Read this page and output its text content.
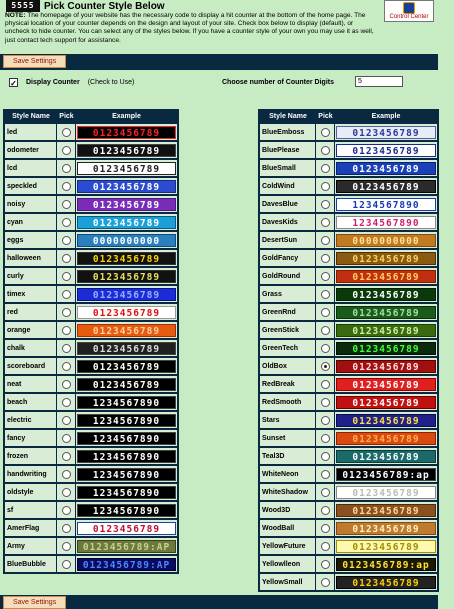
5555 Pick Counter Style Below
Control Center

NOTE: The homepage of your website has the necessary code to display a hit counter at the bottom of the home page. The physical location of your counter depends on the design and layout of your site. Check box below to display (default), or uncheck to hide counter. You can select any of the styles below. If you have a counter style of your own you may use it as well, just contact tech support for assistance.

Save Settings
✓ Display Counter (Check to Use)	Choose number of Counter Digits
5
Style Name	Pick	Example
led		0123456789

odometer		0123456789

lcd		0123456789

speckled		0123456789

noisy		0123456789

cyan		0123456789

eggs		0000000000

halloween		0123456789

curly		0123456789

timex		0123456789

red		0123456789

orange		0123456789

chalk		0123456789

scoreboard		0123456789

neat		0123456789

beach		1234567890

electric		1234567890

fancy		1234567890

frozen		1234567890

handwriting		1234567890

oldstyle		1234567890

sf		1234567890

AmerFlag		0123456789

Army		0123456789:AP

BlueBubble		0123456789:AP
Style Name	Pick	Example
BlueEmboss		0123456789

BluePlease		0123456789

BlueSmall		0123456789

ColdWind		0123456789

DavesBlue		1234567890

DavesKids		1234567890

DesertSun		0000000000

GoldFancy		0123456789

GoldRound		0123456789

Grass		0123456789

GreenRnd		0123456789

GreenStick		0123456789

GreenTech		0123456789

OldBox		0123456789

RedBreak		0123456789

RedSmooth		0123456789

Stars		0123456789

Sunset		0123456789

Teal3D		0123456789

WhiteNeon		0123456789:ap

WhiteShadow		0123456789

Wood3D		0123456789

WoodBall		0123456789

YellowFuture		0123456789

Yellowlleon		0123456789:ap

YellowSmall		0123456789
Save Settings
